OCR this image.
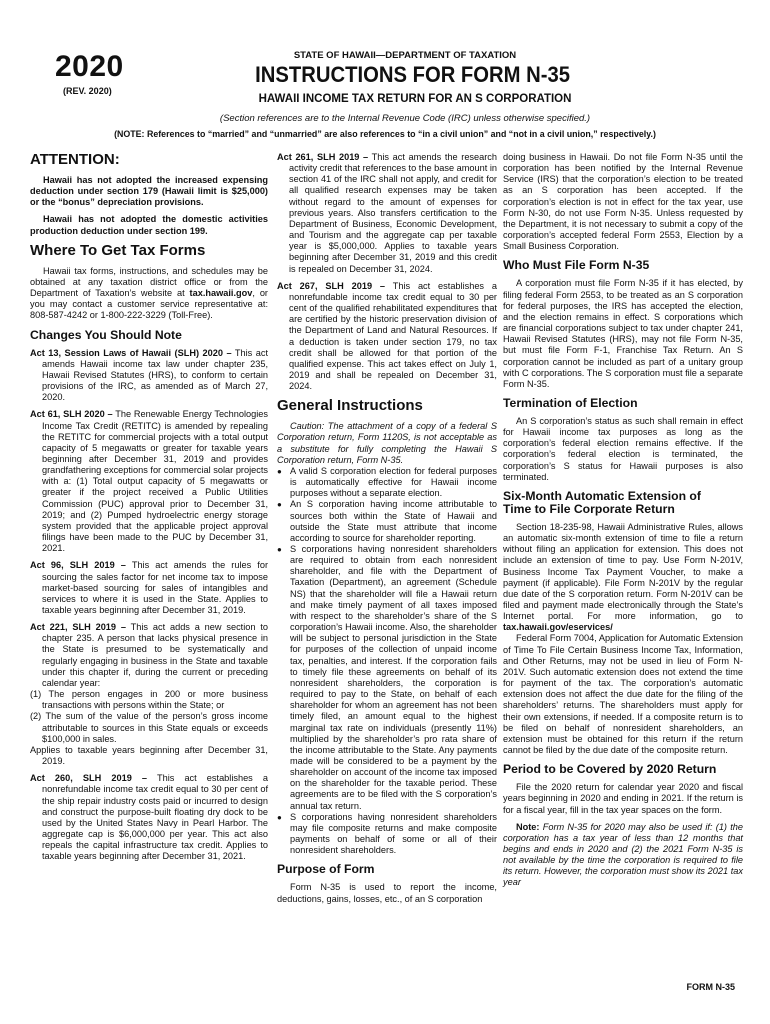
2020
(REV. 2020)
STATE OF HAWAII—DEPARTMENT OF TAXATION
INSTRUCTIONS FOR FORM N-35
HAWAII INCOME TAX RETURN FOR AN S CORPORATION
(Section references are to the Internal Revenue Code (IRC) unless otherwise specified.)
(NOTE: References to “married” and “unmarried” are also references to “in a civil union” and “not in a civil union,” respectively.)
ATTENTION:

Hawaii has not adopted the increased expensing deduction under section 179 (Hawaii limit is $25,000) or the “bonus” depreciation provisions.

Hawaii has not adopted the domestic activities production deduction under section 199.

Where To Get Tax Forms

Hawaii tax forms, instructions, and schedules may be obtained at any taxation district office or from the Department of Taxation’s website at tax.hawaii.gov, or you may contact a customer service representative at: 808-587-4242 or 1-800-222-3229 (Toll-Free).

Changes You Should Note

Act 13, Session Laws of Hawaii (SLH) 2020 – This act amends Hawaii income tax law under chapter 235, Hawaii Revised Statutes (HRS), to conform to certain provisions of the IRC, as amended as of March 27, 2020.

Act 61, SLH 2020 – The Renewable Energy Technologies Income Tax Credit (RETITC) is amended by repealing the RETITC for commercial projects with a total output capacity of 5 megawatts or greater for taxable years beginning after December 31, 2019 and provides grandfathering exceptions for commercial solar projects with a: (1) Total output capacity of 5 megawatts or greater if the project received a Public Utilities Commission (PUC) approval prior to December 31, 2019; and (2) Pumped hydroelectric energy storage system provided that the applicable project approval filings have been made to the PUC by December 31, 2021.

Act 96, SLH 2019 – This act amends the rules for sourcing the sales factor for net income tax to impose market-based sourcing for sales of intangibles and services to where it is used in the State. Applies to taxable years beginning after December 31, 2019.

Act 221, SLH 2019 – This act adds a new section to chapter 235. A person that lacks physical presence in the State is presumed to be systematically and regularly engaging in business in the State and taxable under this chapter if, during the current or preceding calendar year:

(1) The person engages in 200 or more business transactions with persons within the State; or

(2) The sum of the value of the person’s gross income attributable to sources in this State equals or exceeds $100,000 in sales.

Applies to taxable years beginning after December 31, 2019.

Act 260, SLH 2019 – This act establishes a nonrefundable income tax credit equal to 30 per cent of the ship repair industry costs paid or incurred to design and construct the purpose-built floating dry dock to be used by the United States Navy in Pearl Harbor. The aggregate cap is $6,000,000 per year. This act also repeals the capital infrastructure tax credit. Applies to taxable years beginning after December 31, 2021.

Act 261, SLH 2019 – This act amends the research activity credit that references to the base amount in section 41 of the IRC shall not apply, and credit for all qualified research expenses may be taken without regard to the amount of expenses for previous years. Also transfers certification to the Department of Business, Economic Development, and Tourism and the aggregate cap per taxable year is $5,000,000. Applies to taxable years beginning after December 31, 2019 and this credit is repealed on December 31, 2024.

Act 267, SLH 2019 – This act establishes a nonrefundable income tax credit equal to 30 per cent of the qualified rehabilitated expenditures that are certified by the historic preservation division of the Department of Land and Natural Resources. If a deduction is taken under section 179, no tax credit shall be allowed for that portion of the qualified expense. This act takes effect on July 1, 2019 and shall be repealed on December 31, 2024.

General Instructions

Caution: The attachment of a copy of a federal S Corporation return, Form 1120S, is not acceptable as a substitute for fully completing the Hawaii S Corporation return, Form N-35.

● A valid S corporation election for federal purposes is automatically effective for Hawaii income purposes without a separate election.

● An S corporation having income attributable to sources both within the State of Hawaii and outside the State must attribute that income according to source for shareholder reporting.

● S corporations having nonresident shareholders are required to obtain from each nonresident shareholder, and file with the Department of Taxation (Department), an agreement (Schedule NS) that the shareholder will file a Hawaii return and make timely payment of all taxes imposed with respect to the shareholder’s share of the S corporation’s Hawaii income. Also, the shareholder will be subject to personal jurisdiction in the State for purposes of the collection of unpaid income tax, penalties, and interest. If the corporation fails to timely file these agreements on behalf of its nonresident shareholders, the corporation is required to pay to the State, on behalf of each shareholder for whom an agreement has not been timely filed, an amount equal to the highest marginal tax rate on individuals (presently 11%) multiplied by the shareholder’s pro rata share of the income attributable to the State. Any payments made will be considered to be a payment by the shareholder on account of the income tax imposed on the shareholder for the taxable period. These agreements are to be filed with the S corporation’s annual tax return.

● S corporations having nonresident shareholders may file composite returns and make composite payments on behalf of some or all of their nonresident shareholders.

Purpose of Form

Form N-35 is used to report the income, deductions, gains, losses, etc., of an S corporation

doing business in Hawaii. Do not file Form N-35 until the corporation has been notified by the Internal Revenue Service (IRS) that the corporation’s election to be treated as an S corporation has been accepted. If the corporation’s election is not in effect for the tax year, use Form N-30, do not use Form N-35. Unless requested by the Department, it is not necessary to submit a copy of the corporation’s accepted federal Form 2553, Election by a Small Business Corporation.

Who Must File Form N-35

A corporation must file Form N-35 if it has elected, by filing federal Form 2553, to be treated as an S corporation for federal purposes, the IRS has accepted the election, and the election remains in effect. S corporations which are financial corporations subject to tax under chapter 241, Hawaii Revised Statutes (HRS), may not file Form N-35, but must file Form F-1, Franchise Tax Return. An S corporation cannot be included as part of a unitary group with C corporations. The S corporation must file a separate Form N-35.

Termination of Election

An S corporation’s status as such shall remain in effect for Hawaii income tax purposes as long as the corporation’s federal election remains effective. If the corporation’s federal election is terminated, the corporation’s S status for Hawaii purposes is also terminated.

Six-Month Automatic Extension of
Time to File Corporate Return

Section 18-235-98, Hawaii Administrative Rules, allows an automatic six-month extension of time to file a return without filing an application for extension. This does not include an extension of time to pay. Use Form N-201V, Business Income Tax Payment Voucher, to make a payment (if applicable). File Form N-201V by the regular due date of the S corporation return. Form N-201V can be filed and payment made electronically through the State’s Internet portal. For more information, go to tax.hawaii.gov/eservices/

Federal Form 7004, Application for Automatic Extension of Time To File Certain Business Income Tax, Information, and Other Returns, may not be used in lieu of Form N-201V. Such automatic extension does not extend the time for payment of the tax. The corporation’s automatic extension does not affect the due date for the filing of the shareholders’ returns. The shareholders must apply for their own extensions, if needed. If a composite return is to be filed on behalf of nonresident shareholders, an extension must be obtained for this return if the return cannot be filed by the due date of the composite return.

Period to be Covered by 2020 Return

File the 2020 return for calendar year 2020 and fiscal years beginning in 2020 and ending in 2021. If the return is for a fiscal year, fill in the tax year spaces on the form.

Note: Form N-35 for 2020 may also be used if: (1) the corporation has a tax year of less than 12 months that begins and ends in 2020 and (2) the 2021 Form N-35 is not available by the time the corporation is required to file its return. However, the corporation must show its 2021 tax year

FORM N-35
